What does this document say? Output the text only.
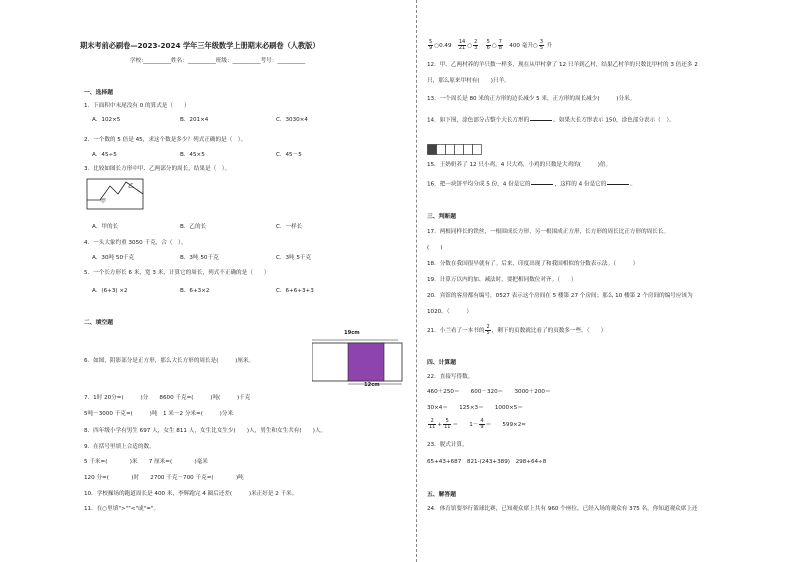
期末考前必刷卷—2023-2024 学年三年级数学上册期末必刷卷（人教版）
学校:__________姓名：__________班级：__________考号：__________
一、选择题
1．下面积中末尾没有 0 的算式是（　　）
A．102×5	B．201×4	C．3030×4
2．一个数的 5 倍是 45，求这个数是多少？列式正确的是（　）。
A．45÷5	B．45×5	C．45－5
3．比较如图长方形中甲、乙两部分的周长，结果是（　）。
乙
甲
A．甲的长	B．乙的长	C．一样长
4．一头大象约重 3050 千克，合（　）。
A．30吨 50千克	B．3吨 50千克	C．3吨 5千克
5．一个长方形长 6 米，宽 3 米，计算它的周长，列式不正确的是（　　）
A．(6+3) ×2	B．6+3×2	C．6+6+3+3
二、填空题
19cm
12cm
6．如图，阴影部分是正方形，那么大长方形的周长是(　　　)厘米。
7．1时 20分=(　　　)分　　8600 千克=(　　　)吨(　　　)千克
5吨－3000 千克=(　　　)吨　1 米－2 分米=(　　　)分米
8．四年级小学有男生 697 人，女生 811 人，女生比女生少(　　)人，男生和女生共有(　　)人。
9．在括号里填上合适的数。
5 千米=(　　　　)米　　7 厘米=(　　　　)毫米
120 分=(　　　　)时　　2700 千克－700 千克=(　　　　)吨
10．学校操场的跑道周长是 400 米，李辉跑完 4 圈后还差(　　　)米正好是 2 千米。
11．在○里填">""<"或"="。
$\frac{5}{9}$ ○0.49 $\frac{14}{21}$ ○ $\frac{2}{3}$
$\frac{5}{6}$ ○ $\frac{7}{8} 400$ 毫升○ $\frac{3}{5}$ 升
12．甲、乙两村养的羊只数一样多，现在从甲村拿了 12 只羊到乙村，结果乙村羊的只数比甲村的 3 倍还多 2
只，那么原来甲村有(　　)只羊。
13．一个周长是 80 米的正方形的边长减少 5 米，正方形的周长减少(　　　)分米。
14．如下图，涂色部分占整个大长方形的	。如果大长方形表示 150，涂色部分表示（　）。
15．王奶奶养了 12 只小鸡，4 只大鸡，小鸡的只数是大鸡的(　　　)倍。
16．把一块饼平均分成 5 份，4 份是它的	，这样的 4 份是它的	。
三、判断题
17．两根同样长的铁丝，一根围成长方形，另一根围成正方形，长方形的周长比正方形的周长长。
(　　)
18．分数在我国很早就有了。后来，印度出现了和我国相似的分数表示法。（　　　）
19．计算万以内的加、减法时，要把相同数位对齐。（　　）
20．宾馆的客房都有编号，0527 表示这个房间在 5 楼第 27 个房间；那么 10 楼第 2 个房间的编号应该为
1020。（　　　）
21．小兰看了一本书的 $\frac{2}{5}$ ，剩下的页数就比看了的页数多一些。（　　）
四、计算题
22．直接写得数。
460＋250＝　　600－320＝　　3000＋200＝
30×4＝　　125×3＝　　1000×5＝
$\frac{2}{11} + \frac{5}{11}$ ＝　　$1- \frac{4}{9}$ ＝　　599×2≈
23．脱式计算。
65+43+687　821-(243+389)　298+64÷8
五、解答题
24．体育馆要举行篮球比赛，已知观众席上共有 960 个座位，已经入场的观众有 375 名，你知道观众席上还
